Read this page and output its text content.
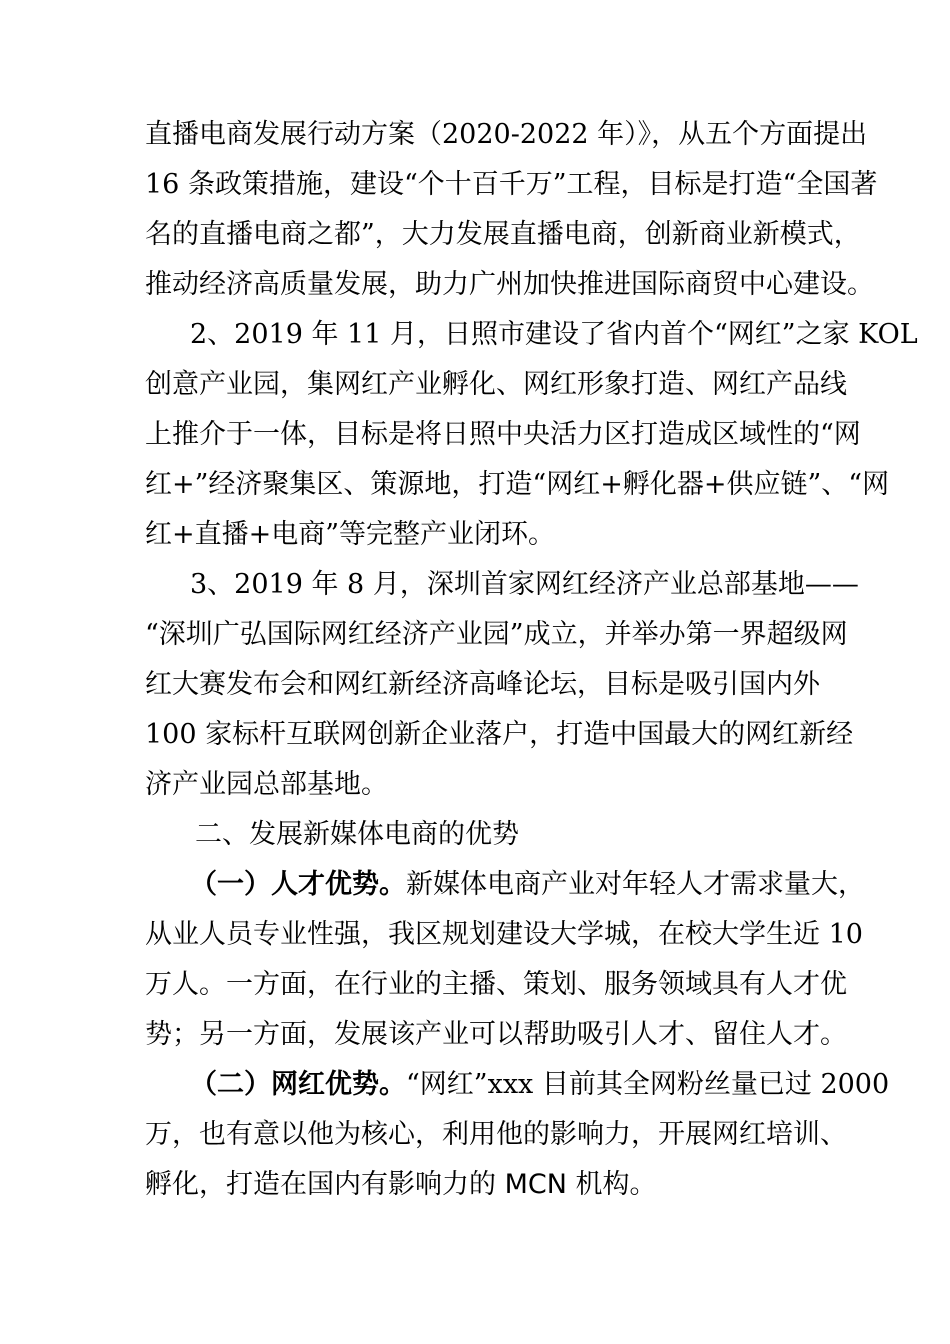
直播电商发展行动方案（2020-2022 年）》，从五个方面提出
16 条政策措施，建设“个十百千万”工程，目标是打造“全国著
名的直播电商之都”，大力发展直播电商，创新商业新模式，
推动经济高质量发展，助力广州加快推进国际商贸中心建设。
2、2019 年 11 月，日照市建设了省内首个“网红”之家 KOL
创意产业园，集网红产业孵化、网红形象打造、网红产品线
上推介于一体，目标是将日照中央活力区打造成区域性的“网
红+”经济聚集区、策源地，打造“网红+孵化器+供应链”、“网
红+直播+电商”等完整产业闭环。
3、2019 年 8 月，深圳首家网红经济产业总部基地——
“深圳广弘国际网红经济产业园”成立，并举办第一界超级网
红大赛发布会和网红新经济高峰论坛，目标是吸引国内外
100 家标杆互联网创新企业落户，打造中国最大的网红新经
济产业园总部基地。
二、发展新媒体电商的优势
（一）人才优势。新媒体电商产业对年轻人才需求量大，
从业人员专业性强，我区规划建设大学城，在校大学生近 10
万人。一方面，在行业的主播、策划、服务领域具有人才优
势；另一方面，发展该产业可以帮助吸引人才、留住人才。
（二）网红优势。“网红”xxx 目前其全网粉丝量已过 2000
万，也有意以他为核心，利用他的影响力，开展网红培训、
孵化，打造在国内有影响力的 MCN 机构。
